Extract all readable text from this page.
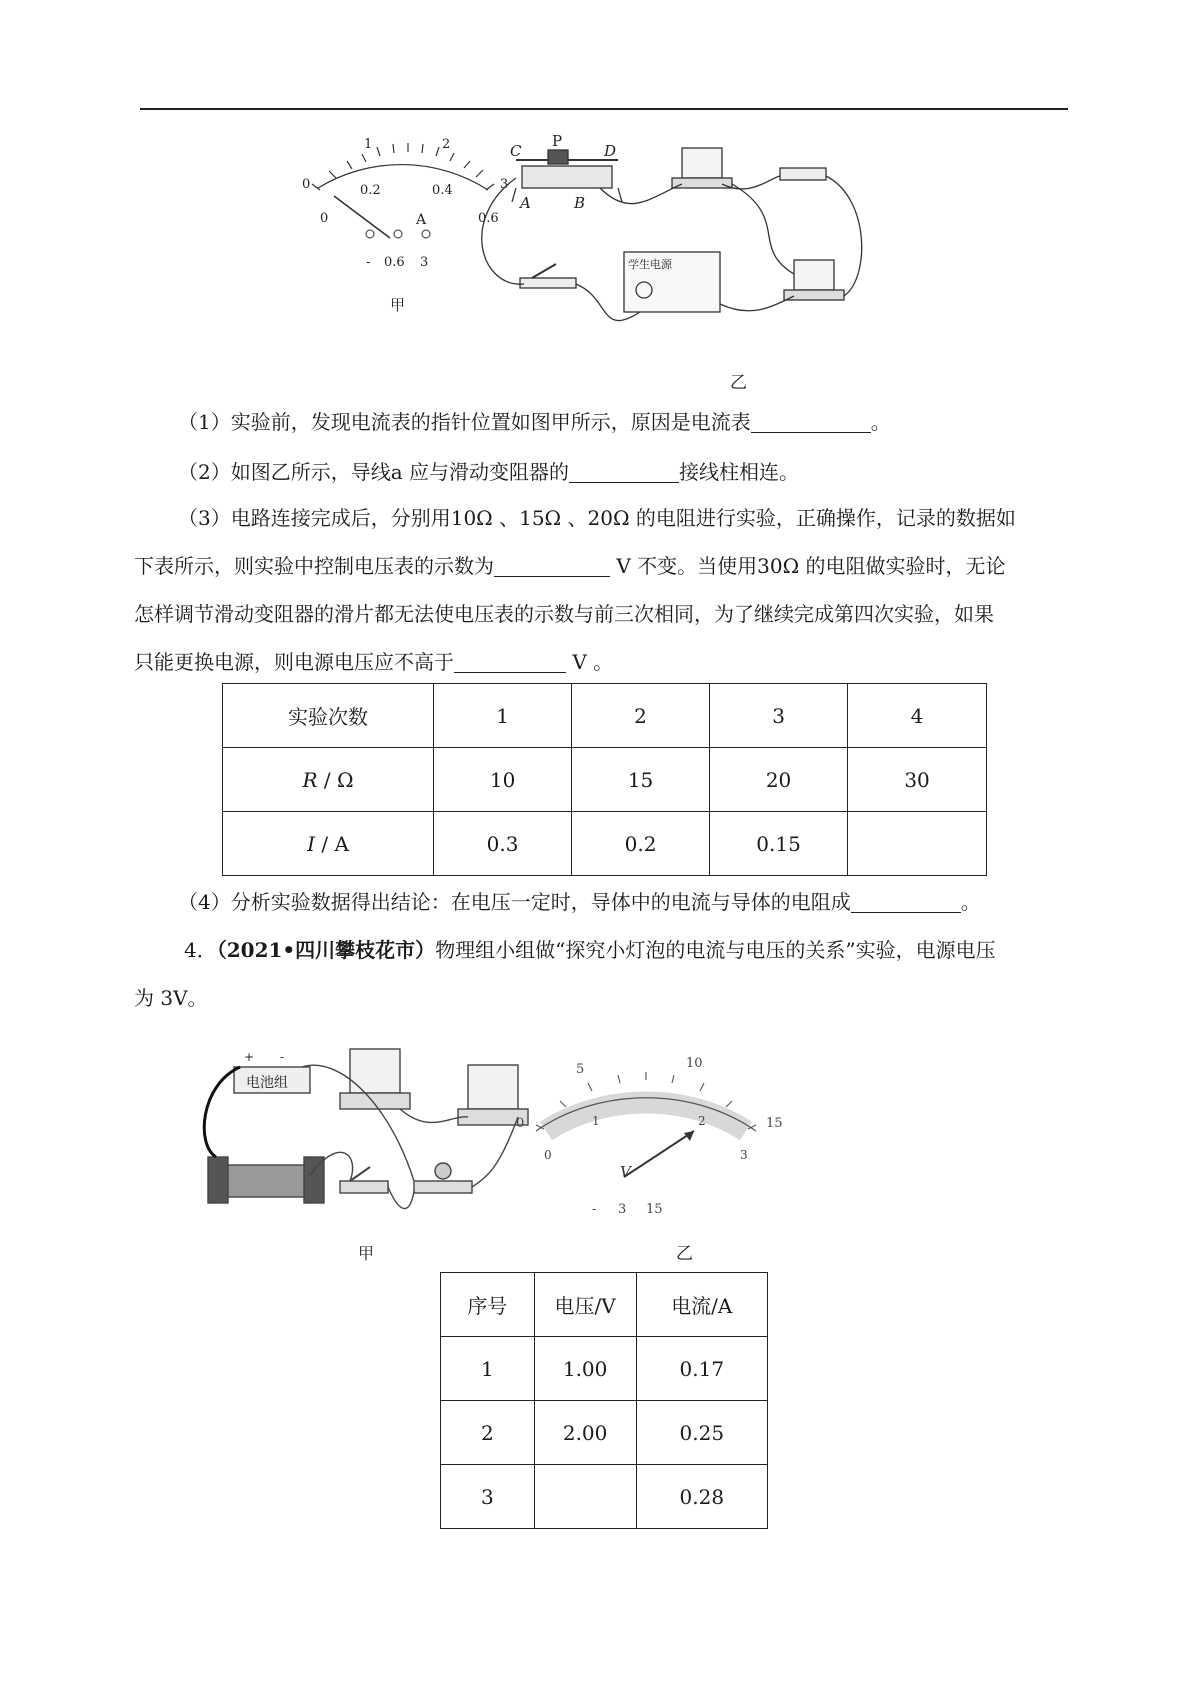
0
1	2
3
0
0.2	0.4
0.6
A
- 0.6 3
甲
学生电源
C
P
D
A	B
乙
（1）实验前，发现电流表的指针位置如图甲所示，原因是电流表	。
（2）如图乙所示，导线a 应与滑动变阻器的	接线柱相连。
（3）电路连接完成后，分别用10Ω 、15Ω 、20Ω 的电阻进行实验，正确操作，记录的数据如
下表所示，则实验中控制电压表的示数为	V 不变。当使用30Ω 的电阻做实验时，无论
怎样调节滑动变阻器的滑片都无法使电压表的示数与前三次相同，为了继续完成第四次实验，如果
只能更换电源，则电源电压应不高于	V 。
实验次数	1	2	3	4
R / Ω	10	15	20	30
I / A	0.3	0.2	0.15	
（4）分析实验数据得出结论：在电压一定时，导体中的电流与导体的电阻成	。
4．（2021•四川攀枝花市）物理组小组做“探究小灯泡的电流与电压的关系”实验，电源电压
为 3V。
电池组
+ -
0
5	10
15
0
1	2
3
V
- 3 15
甲	乙
序号	电压/V	电流/A
1	1.00	0.17
2	2.00	0.25
3		0.28
